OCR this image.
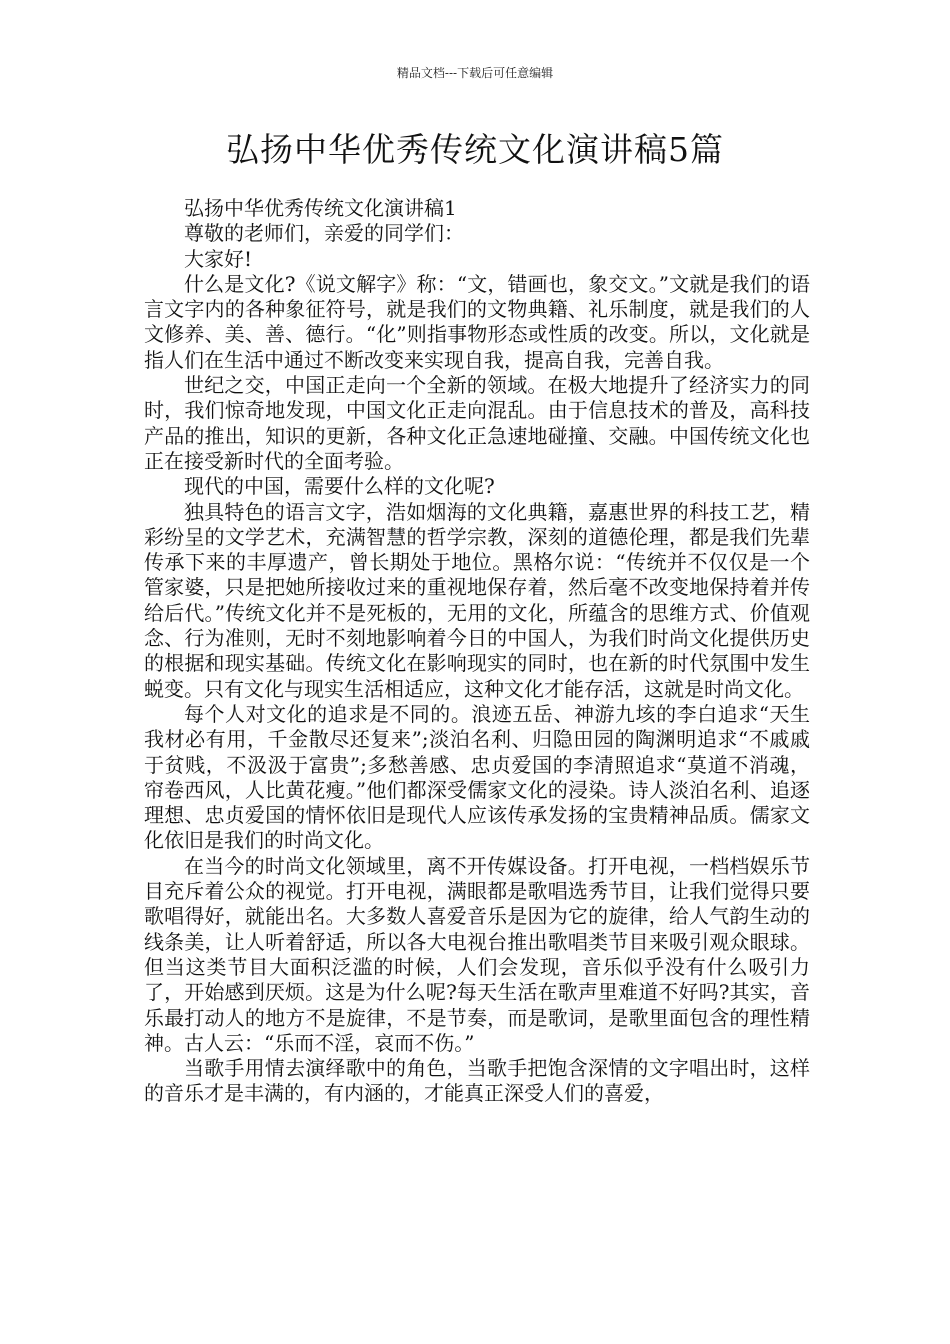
精品文档---下载后可任意编辑
弘扬中华优秀传统文化演讲稿5篇

弘扬中华优秀传统文化演讲稿1

尊敬的老师们，亲爱的同学们：

大家好!

什么是文化?《说文解字》称：“文，错画也，象交文。”文就是我们的语言文字内的各种象征符号，就是我们的文物典籍、礼乐制度，就是我们的人文修养、美、善、德行。“化”则指事物形态或性质的改变。所以，文化就是指人们在生活中通过不断改变来实现自我，提高自我，完善自我。

世纪之交，中国正走向一个全新的领域。在极大地提升了经济实力的同时，我们惊奇地发现，中国文化正走向混乱。由于信息技术的普及，高科技产品的推出，知识的更新，各种文化正急速地碰撞、交融。中国传统文化也正在接受新时代的全面考验。

现代的中国，需要什么样的文化呢?

独具特色的语言文字，浩如烟海的文化典籍，嘉惠世界的科技工艺，精彩纷呈的文学艺术，充满智慧的哲学宗教，深刻的道德伦理，都是我们先辈传承下来的丰厚遗产，曾长期处于地位。黑格尔说：“传统并不仅仅是一个管家婆，只是把她所接收过来的重视地保存着，然后毫不改变地保持着并传给后代。”传统文化并不是死板的，无用的文化，所蕴含的思维方式、价值观念、行为准则，无时不刻地影响着今日的中国人，为我们时尚文化提供历史的根据和现实基础。传统文化在影响现实的同时，也在新的时代氛围中发生蜕变。只有文化与现实生活相适应，这种文化才能存活，这就是时尚文化。

每个人对文化的追求是不同的。浪迹五岳、神游九垓的李白追求“天生我材必有用，千金散尽还复来”;淡泊名利、归隐田园的陶渊明追求“不戚戚于贫贱，不汲汲于富贵”;多愁善感、忠贞爱国的李清照追求“莫道不消魂，帘卷西风，人比黄花瘦。”他们都深受儒家文化的浸染。诗人淡泊名利、追逐理想、忠贞爱国的情怀依旧是现代人应该传承发扬的宝贵精神品质。儒家文化依旧是我们的时尚文化。

在当今的时尚文化领域里，离不开传媒设备。打开电视，一档档娱乐节目充斥着公众的视觉。打开电视，满眼都是歌唱选秀节目，让我们觉得只要歌唱得好，就能出名。大多数人喜爱音乐是因为它的旋律，给人气韵生动的线条美，让人听着舒适，所以各大电视台推出歌唱类节目来吸引观众眼球。但当这类节目大面积泛滥的时候，人们会发现，音乐似乎没有什么吸引力了，开始感到厌烦。这是为什么呢?每天生活在歌声里难道不好吗?其实，音乐最打动人的地方不是旋律，不是节奏，而是歌词，是歌里面包含的理性精神。古人云：“乐而不淫，哀而不伤。”

当歌手用情去演绎歌中的角色，当歌手把饱含深情的文字唱出时，这样的音乐才是丰满的，有内涵的，才能真正深受人们的喜爱，
